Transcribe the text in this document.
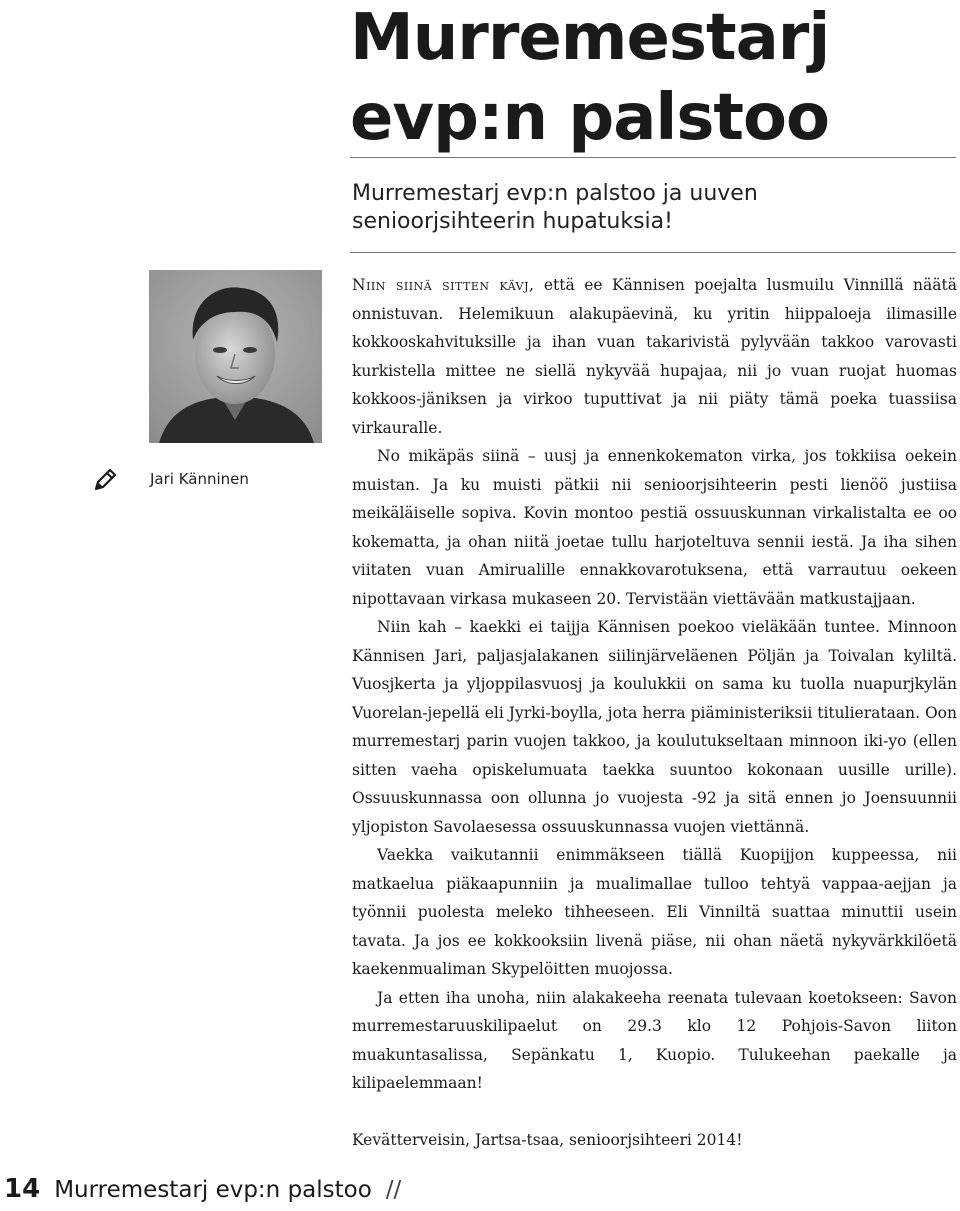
Murremestarj
evp:n palstoo

Murremestarj evp:n palstoo ja uuven senioorjsihteerin hupatuksia!

Jari Känninen

Niin siinä sitten kävj, että ee Kännisen poejalta lusmuilu Vinnillä näätä onnistuvan. Helemikuun alakupäevinä, ku yritin hiippaloeja ilimasille kokkooskahvituksille ja ihan vuan takarivistä pylyvään takkoo varovasti kurkistella mittee ne siellä nykyvää hupajaa, nii jo vuan ruojat huomas kokkoos-jäniksen ja virkoo tuputtivat ja nii piäty tämä poeka tuassiisa virkauralle.

No mikäpäs siinä – uusj ja ennenkokematon virka, jos tokkiisa oekein muistan. Ja ku muisti pätkii nii senioorjsihteerin pesti lienöö justiisa meikäläiselle sopiva. Kovin montoo pestiä ossuuskunnan virkalistalta ee oo kokematta, ja ohan niitä joetae tullu harjoteltuva sennii iestä. Ja iha sihen viitaten vuan Amirualille ennakkovarotuksena, että varrautuu oekeen nipottavaan virkasa mukaseen 20. Tervistään viettävään matkustajjaan.

Niin kah – kaekki ei taijja Kännisen poekoo vieläkään tuntee. Minnoon Kännisen Jari, paljasjalakanen siilinjärveläenen Pöljän ja Toivalan kyliltä. Vuosjkerta ja yljoppilasvuosj ja koulukkii on sama ku tuolla nuapurjkylän Vuorelan-jepellä eli Jyrki-boylla, jota herra piäministeriksii titulierataan. Oon murremestarj parin vuojen takkoo, ja koulutukseltaan minnoon iki-yo (ellen sitten vaeha opiskelumuata taekka suuntoo kokonaan uusille urille). Ossuuskunnassa oon ollunna jo vuojesta -92 ja sitä ennen jo Joensuunnii yljopiston Savolaesessa ossuuskunnassa vuojen viettännä.

Vaekka vaikutannii enimmäkseen tiällä Kuopijjon kuppeessa, nii matkaelua piäkaapunniin ja mualimallae tulloo tehtyä vappaa-aejjan ja työnnii puolesta meleko tihheeseen. Eli Vinniltä suattaa minuttii usein tavata. Ja jos ee kokkooksiin livenä piäse, nii ohan näetä nykyvärkkilöetä kaekenmualiman Skypelöitten muojossa.

Ja etten iha unoha, niin alakakeeha reenata tulevaan koetokseen: Savon murremestaruuskilipaelut on 29.3 klo 12 Pohjois-Savon liiton muakuntasalissa, Sepänkatu 1, Kuopio. Tulukeehan paekalle ja kilipaelemmaan!

Kevätterveisin, Jartsa-tsaa, senioorjsihteeri 2014!

14 Murremestarj evp:n palstoo //
